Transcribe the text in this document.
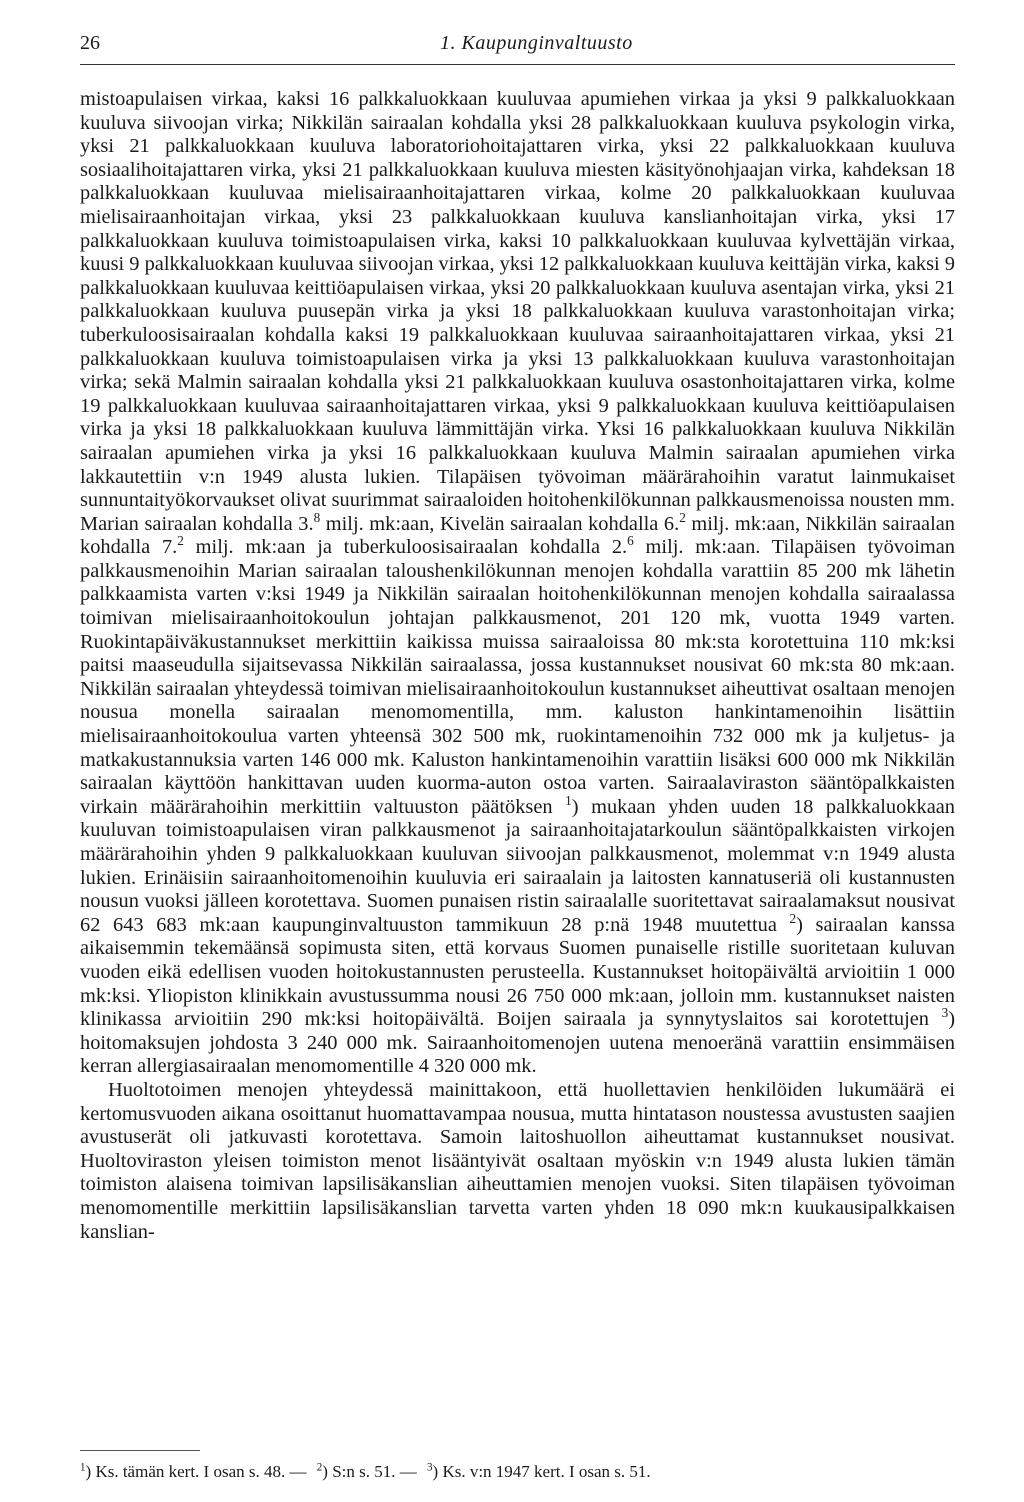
26	1. Kaupunginvaltuusto

mistoapulaisen virkaa, kaksi 16 palkkaluokkaan kuuluvaa apumiehen virkaa ja yksi 9 palkkaluokkaan kuuluva siivoojan virka; Nikkilän sairaalan kohdalla yksi 28 palkkaluokkaan kuuluva psykologin virka, yksi 21 palkkaluokkaan kuuluva laboratoriohoitajattaren virka, yksi 22 palkkaluokkaan kuuluva sosiaalihoitajattaren virka, yksi 21 palkkaluokkaan kuuluva miesten käsityönohjaajan virka, kahdeksan 18 palkkaluokkaan kuuluvaa mielisairaanhoitajattaren virkaa, kolme 20 palkkaluokkaan kuuluvaa mielisairaanhoitajan virkaa, yksi 23 palkkaluokkaan kuuluva kanslianhoitajan virka, yksi 17 palkkaluokkaan kuuluva toimistoapulaisen virka, kaksi 10 palkkaluokkaan kuuluvaa kylvettäjän virkaa, kuusi 9 palkkaluokkaan kuuluvaa siivoojan virkaa, yksi 12 palkkaluokkaan kuuluva keittäjän virka, kaksi 9 palkkaluokkaan kuuluvaa keittiöapulaisen virkaa, yksi 20 palkkaluokkaan kuuluva asentajan virka, yksi 21 palkkaluokkaan kuuluva puusepän virka ja yksi 18 palkkaluokkaan kuuluva varastonhoitajan virka; tuberkuloosisairaalan kohdalla kaksi 19 palkkaluokkaan kuuluvaa sairaanhoitajattaren virkaa, yksi 21 palkkaluokkaan kuuluva toimistoapulaisen virka ja yksi 13 palkkaluokkaan kuuluva varastonhoitajan virka; sekä Malmin sairaalan kohdalla yksi 21 palkkaluokkaan kuuluva osastonhoitajattaren virka, kolme 19 palkkaluokkaan kuuluvaa sairaanhoitajattaren virkaa, yksi 9 palkkaluokkaan kuuluva keittiöapulaisen virka ja yksi 18 palkkaluokkaan kuuluva lämmittäjän virka. Yksi 16 palkkaluokkaan kuuluva Nikkilän sairaalan apumiehen virka ja yksi 16 palkkaluokkaan kuuluva Malmin sairaalan apumiehen virka lakkautettiin v:n 1949 alusta lukien. Tilapäisen työvoiman määrärahoihin varatut lainmukaiset sunnuntaityökorvaukset olivat suurimmat sairaaloiden hoitohenkilökunnan palkkausmenoissa nousten mm. Marian sairaalan kohdalla 3.$^8$ milj. mk:aan, Kivelän sairaalan kohdalla 6.$^2$ milj. mk:aan, Nikkilän sairaalan kohdalla 7.$^2$ milj. mk:aan ja tuberkuloosisairaalan kohdalla 2.$^6$ milj. mk:aan. Tilapäisen työvoiman palkkausmenoihin Marian sairaalan taloushenkilökunnan menojen kohdalla varattiin 85 200 mk lähetin palkkaamista varten v:ksi 1949 ja Nikkilän sairaalan hoitohenkilökunnan menojen kohdalla sairaalassa toimivan mielisairaanhoitokoulun johtajan palkkausmenot, 201 120 mk, vuotta 1949 varten. Ruokintapäiväkustannukset merkittiin kaikissa muissa sairaaloissa 80 mk:sta korotettuina 110 mk:ksi paitsi maaseudulla sijaitsevassa Nikkilän sairaalassa, jossa kustannukset nousivat 60 mk:sta 80 mk:aan. Nikkilän sairaalan yhteydessä toimivan mielisairaanhoitokoulun kustannukset aiheuttivat osaltaan menojen nousua monella sairaalan menomomentilla, mm. kaluston hankintamenoihin lisättiin mielisairaanhoitokoulua varten yhteensä 302 500 mk, ruokintamenoihin 732 000 mk ja kuljetus- ja matkakustannuksia varten 146 000 mk. Kaluston hankintamenoihin varattiin lisäksi 600 000 mk Nikkilän sairaalan käyttöön hankittavan uuden kuorma-auton ostoa varten. Sairaalaviraston sääntöpalkkaisten virkain määrärahoihin merkittiin valtuuston päätöksen $^1$) mukaan yhden uuden 18 palkkaluokkaan kuuluvan toimistoapulaisen viran palkkausmenot ja sairaanhoitajatarkoulun sääntöpalkkaisten virkojen määrärahoihin yhden 9 palkkaluokkaan kuuluvan siivoojan palkkausmenot, molemmat v:n 1949 alusta lukien. Erinäisiin sairaanhoitomenoihin kuuluvia eri sairaalain ja laitosten kannatuseriä oli kustannusten nousun vuoksi jälleen korotettava. Suomen punaisen ristin sairaalalle suoritettavat sairaalamaksut nousivat 62 643 683 mk:aan kaupunginvaltuuston tammikuun 28 p:nä 1948 muutettua $^2$) sairaalan kanssa aikaisemmin tekemäänsä sopimusta siten, että korvaus Suomen punaiselle ristille suoritetaan kuluvan vuoden eikä edellisen vuoden hoitokustannusten perusteella. Kustannukset hoitopäivältä arvioitiin 1 000 mk:ksi. Yliopiston klinikkain avustussumma nousi 26 750 000 mk:aan, jolloin mm. kustannukset naisten klinikassa arvioitiin 290 mk:ksi hoitopäivältä. Boijen sairaala ja synnytyslaitos sai korotettujen $^3$) hoitomaksujen johdosta 3 240 000 mk. Sairaanhoitomenojen uutena menoeränä varattiin ensimmäisen kerran allergiasairaalan menomomentille 4 320 000 mk.

Huoltotoimen menojen yhteydessä mainittakoon, että huollettavien henkilöiden lukumäärä ei kertomusvuoden aikana osoittanut huomattavampaa nousua, mutta hintatason noustessa avustusten saajien avustuserät oli jatkuvasti korotettava. Samoin laitoshuollon aiheuttamat kustannukset nousivat. Huoltoviraston yleisen toimiston menot lisääntyivät osaltaan myöskin v:n 1949 alusta lukien tämän toimiston alaisena toimivan lapsilisäkanslian aiheuttamien menojen vuoksi. Siten tilapäisen työvoiman menomomentille merkittiin lapsilisäkanslian tarvetta varten yhden 18 090 mk:n kuukausipalkkaisen kanslian-

$^1$) Ks. tämän kert. I osan s. 48. — $^2$) S:n s. 51. — $^3$) Ks. v:n 1947 kert. I osan s. 51.
